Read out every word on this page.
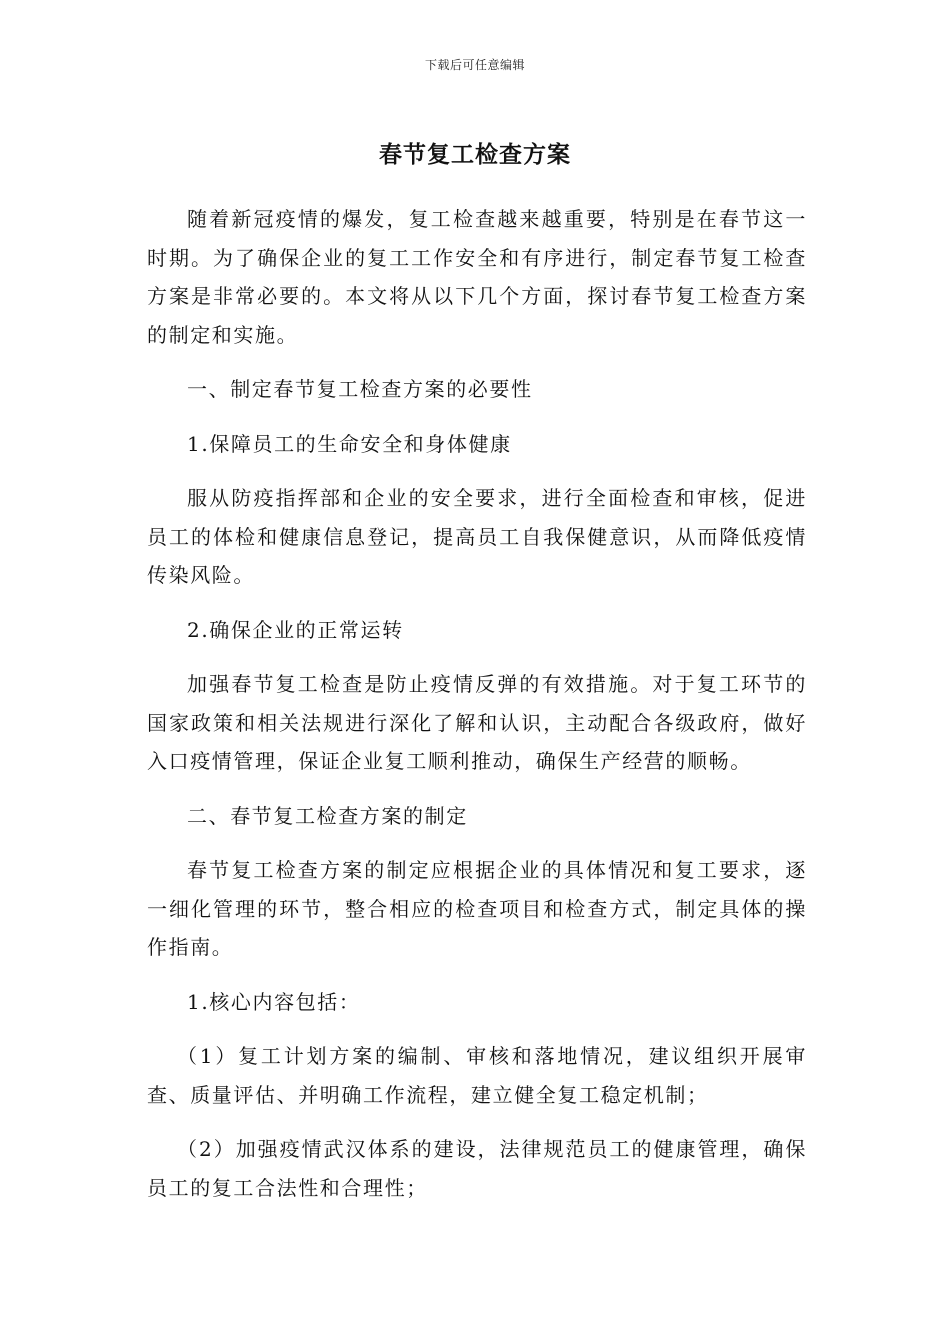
下载后可任意编辑
春节复工检查方案

随着新冠疫情的爆发，复工检查越来越重要，特别是在春节这一时期。为了确保企业的复工工作安全和有序进行，制定春节复工检查方案是非常必要的。本文将从以下几个方面，探讨春节复工检查方案的制定和实施。

一、制定春节复工检查方案的必要性

1.保障员工的生命安全和身体健康

服从防疫指挥部和企业的安全要求，进行全面检查和审核，促进员工的体检和健康信息登记，提高员工自我保健意识，从而降低疫情传染风险。

2.确保企业的正常运转

加强春节复工检查是防止疫情反弹的有效措施。对于复工环节的国家政策和相关法规进行深化了解和认识，主动配合各级政府，做好入口疫情管理，保证企业复工顺利推动，确保生产经营的顺畅。

二、春节复工检查方案的制定

春节复工检查方案的制定应根据企业的具体情况和复工要求，逐一细化管理的环节，整合相应的检查项目和检查方式，制定具体的操作指南。

1.核心内容包括：

（1）复工计划方案的编制、审核和落地情况，建议组织开展审查、质量评估、并明确工作流程，建立健全复工稳定机制；

（2）加强疫情武汉体系的建设，法律规范员工的健康管理，确保员工的复工合法性和合理性；
